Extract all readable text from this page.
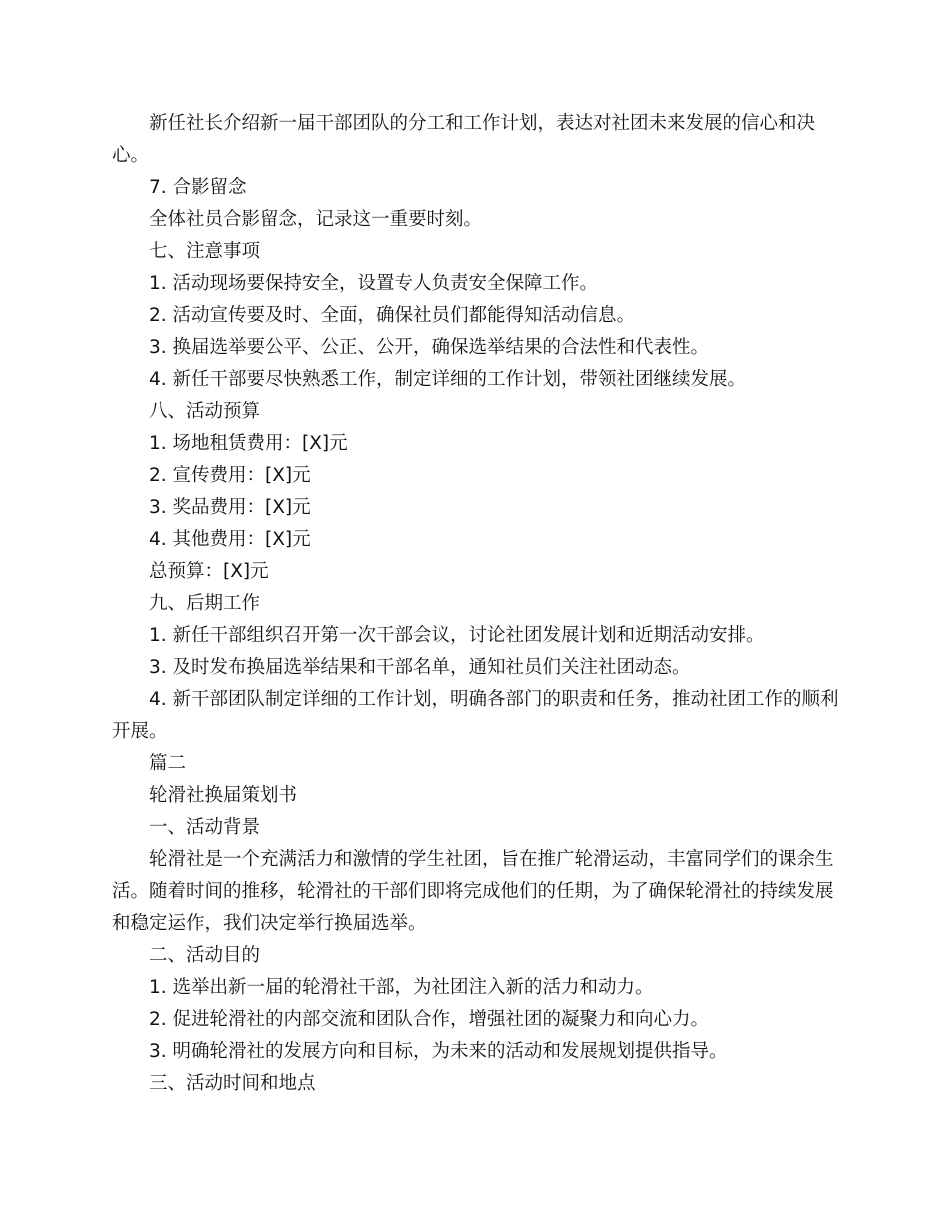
新任社长介绍新一届干部团队的分工和工作计划，表达对社团未来发展的信心和决心。

7. 合影留念

全体社员合影留念，记录这一重要时刻。

七、注意事项

1. 活动现场要保持安全，设置专人负责安全保障工作。

2. 活动宣传要及时、全面，确保社员们都能得知活动信息。

3. 换届选举要公平、公正、公开，确保选举结果的合法性和代表性。

4. 新任干部要尽快熟悉工作，制定详细的工作计划，带领社团继续发展。

八、活动预算

1. 场地租赁费用：[X]元

2. 宣传费用：[X]元

3. 奖品费用：[X]元

4. 其他费用：[X]元

总预算：[X]元

九、后期工作

1. 新任干部组织召开第一次干部会议，讨论社团发展计划和近期活动安排。

3. 及时发布换届选举结果和干部名单，通知社员们关注社团动态。

4. 新干部团队制定详细的工作计划，明确各部门的职责和任务，推动社团工作的顺利开展。

篇二

轮滑社换届策划书

一、活动背景

轮滑社是一个充满活力和激情的学生社团，旨在推广轮滑运动，丰富同学们的课余生活。随着时间的推移，轮滑社的干部们即将完成他们的任期，为了确保轮滑社的持续发展和稳定运作，我们决定举行换届选举。

二、活动目的

1. 选举出新一届的轮滑社干部，为社团注入新的活力和动力。

2. 促进轮滑社的内部交流和团队合作，增强社团的凝聚力和向心力。

3. 明确轮滑社的发展方向和目标，为未来的活动和发展规划提供指导。

三、活动时间和地点
